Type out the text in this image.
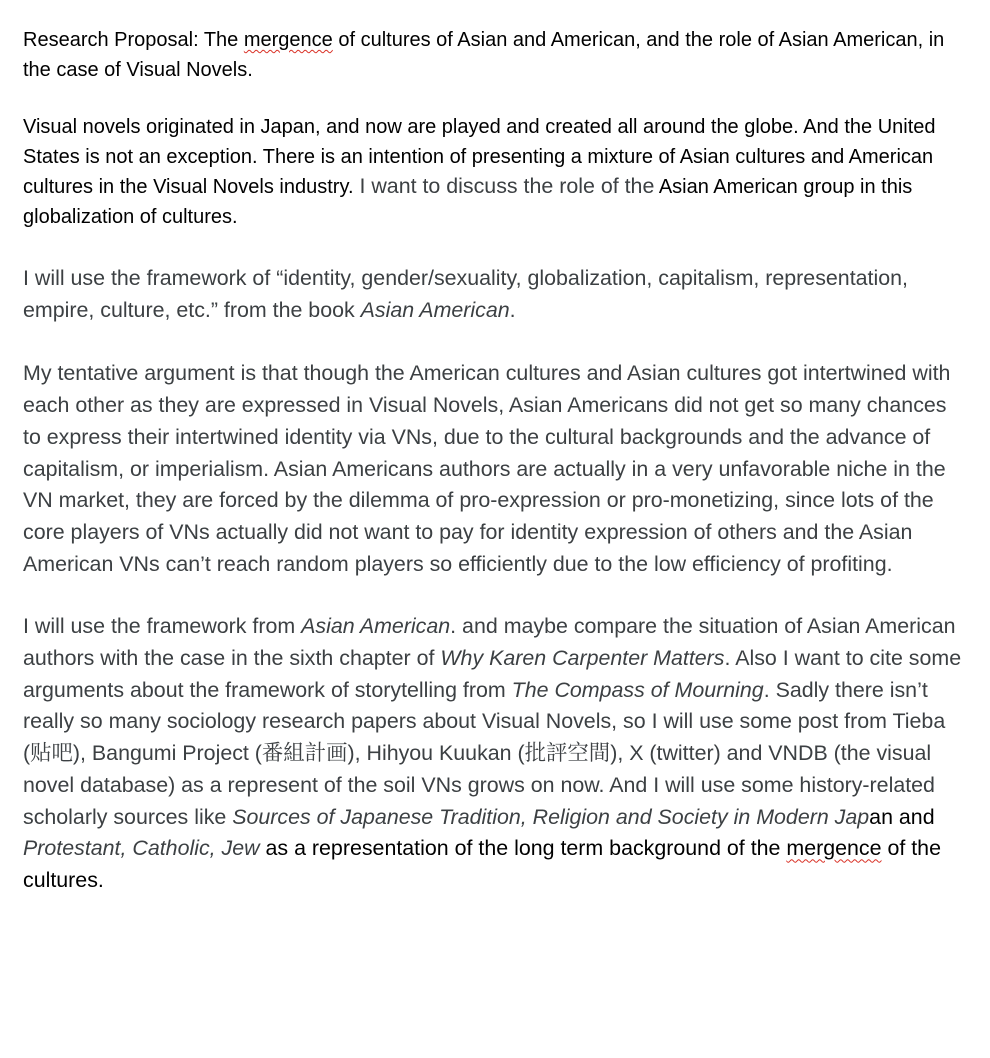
Research Proposal: The mergence of cultures of Asian and American, and the role of Asian American, in the case of Visual Novels.

Visual novels originated in Japan, and now are played and created all around the globe. And the United States is not an exception. There is an intention of presenting a mixture of Asian cultures and American cultures in the Visual Novels industry. I want to discuss the role of the Asian American group in this globalization of cultures.

I will use the framework of “identity, gender/sexuality, globalization, capitalism, representation, empire, culture, etc.” from the book Asian American.

My tentative argument is that though the American cultures and Asian cultures got intertwined with each other as they are expressed in Visual Novels, Asian Americans did not get so many chances to express their intertwined identity via VNs, due to the cultural backgrounds and the advance of capitalism, or imperialism. Asian Americans authors are actually in a very unfavorable niche in the VN market, they are forced by the dilemma of pro-expression or pro-monetizing, since lots of the core players of VNs actually did not want to pay for identity expression of others and the Asian American VNs can’t reach random players so efficiently due to the low efficiency of profiting.

I will use the framework from Asian American. and maybe compare the situation of Asian American authors with the case in the sixth chapter of Why Karen Carpenter Matters. Also I want to cite some arguments about the framework of storytelling from The Compass of Mourning. Sadly there isn’t really so many sociology research papers about Visual Novels, so I will use some post from Tieba (贴吧), Bangumi Project (番組計画), Hihyou Kuukan (批評空間), X (twitter) and VNDB (the visual novel database) as a represent of the soil VNs grows on now. And I will use some history-related scholarly sources like Sources of Japanese Tradition, Religion and Society in Modern Japan and Protestant, Catholic, Jew as a representation of the long term background of the mergence of the cultures.
